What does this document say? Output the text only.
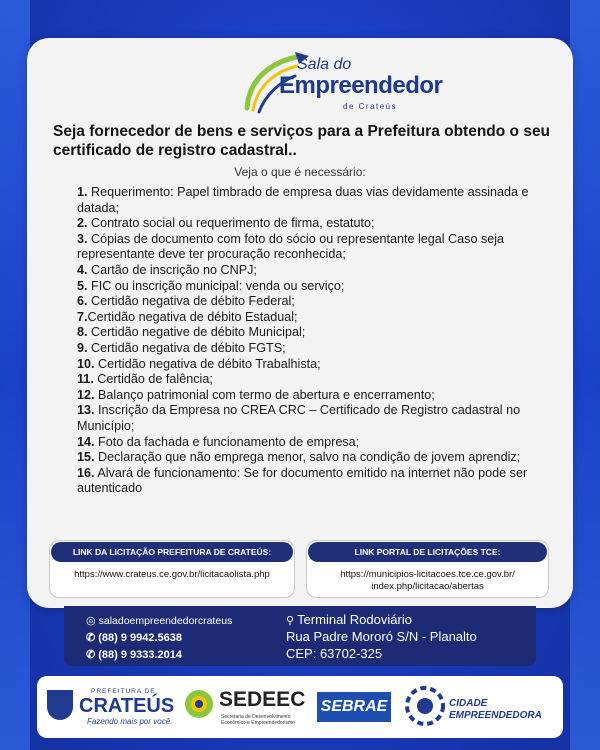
Sala do
Empreendedor
de Crateús
Seja fornecedor de bens e serviços para a Prefeitura obtendo o seu certificado de registro cadastral..
Veja o que é necessário:
1. Requerimento: Papel timbrado de empresa duas vias devidamente assinada e datada;
2. Contrato social ou requerimento de firma, estatuto;
3. Cópias de documento com foto do sócio ou representante legal Caso seja representante deve ter procuração reconhecida;
4. Cartão de inscrição no CNPJ;
5. FIC ou inscrição municipal: venda ou serviço;
6. Certidão negativa de débito Federal;
7.Certidão negativa de débito Estadual;
8. Certidão negative de débito Municipal;
9. Certidão negativa de débito FGTS;
10. Certidão negativa de débito Trabalhista;
11. Certidão de falência;
12. Balanço patrimonial com termo de abertura e encerramento;
13. Inscrição da Empresa no CREA CRC – Certificado de Registro cadastral no Município;
14. Foto da fachada e funcionamento de empresa;
15. Declaração que não emprega menor, salvo na condição de jovem aprendiz;
16. Alvará de funcionamento: Se for documento emitido na internet não pode ser autenticado
LINK DA LICITAÇÃO PREFEITURA DE CRATEÚS:
https://www.crateus.ce.gov.br/licitacaolista.php
LINK PORTAL DE LICITAÇÕES TCE:
https://municipios-licitacoes.tce.ce.gov.br/ index.php/licitacao/abertas
◎ saladoempreendedorcrateus
✆ (88) 9 9942.5638
✆ (88) 9 9333.2014
⚲ Terminal Rodoviário
Rua Padre Mororó S/N - Planalto
CEP: 63702-325
PREFEITURA DE
CRATEÚS
Fazendo mais por você.
SEDEEC
Secretaria de Desenvolvimento Econômico e Empreendedorismo
SEBRAE	CIDADE
EMPREENDEDORA
